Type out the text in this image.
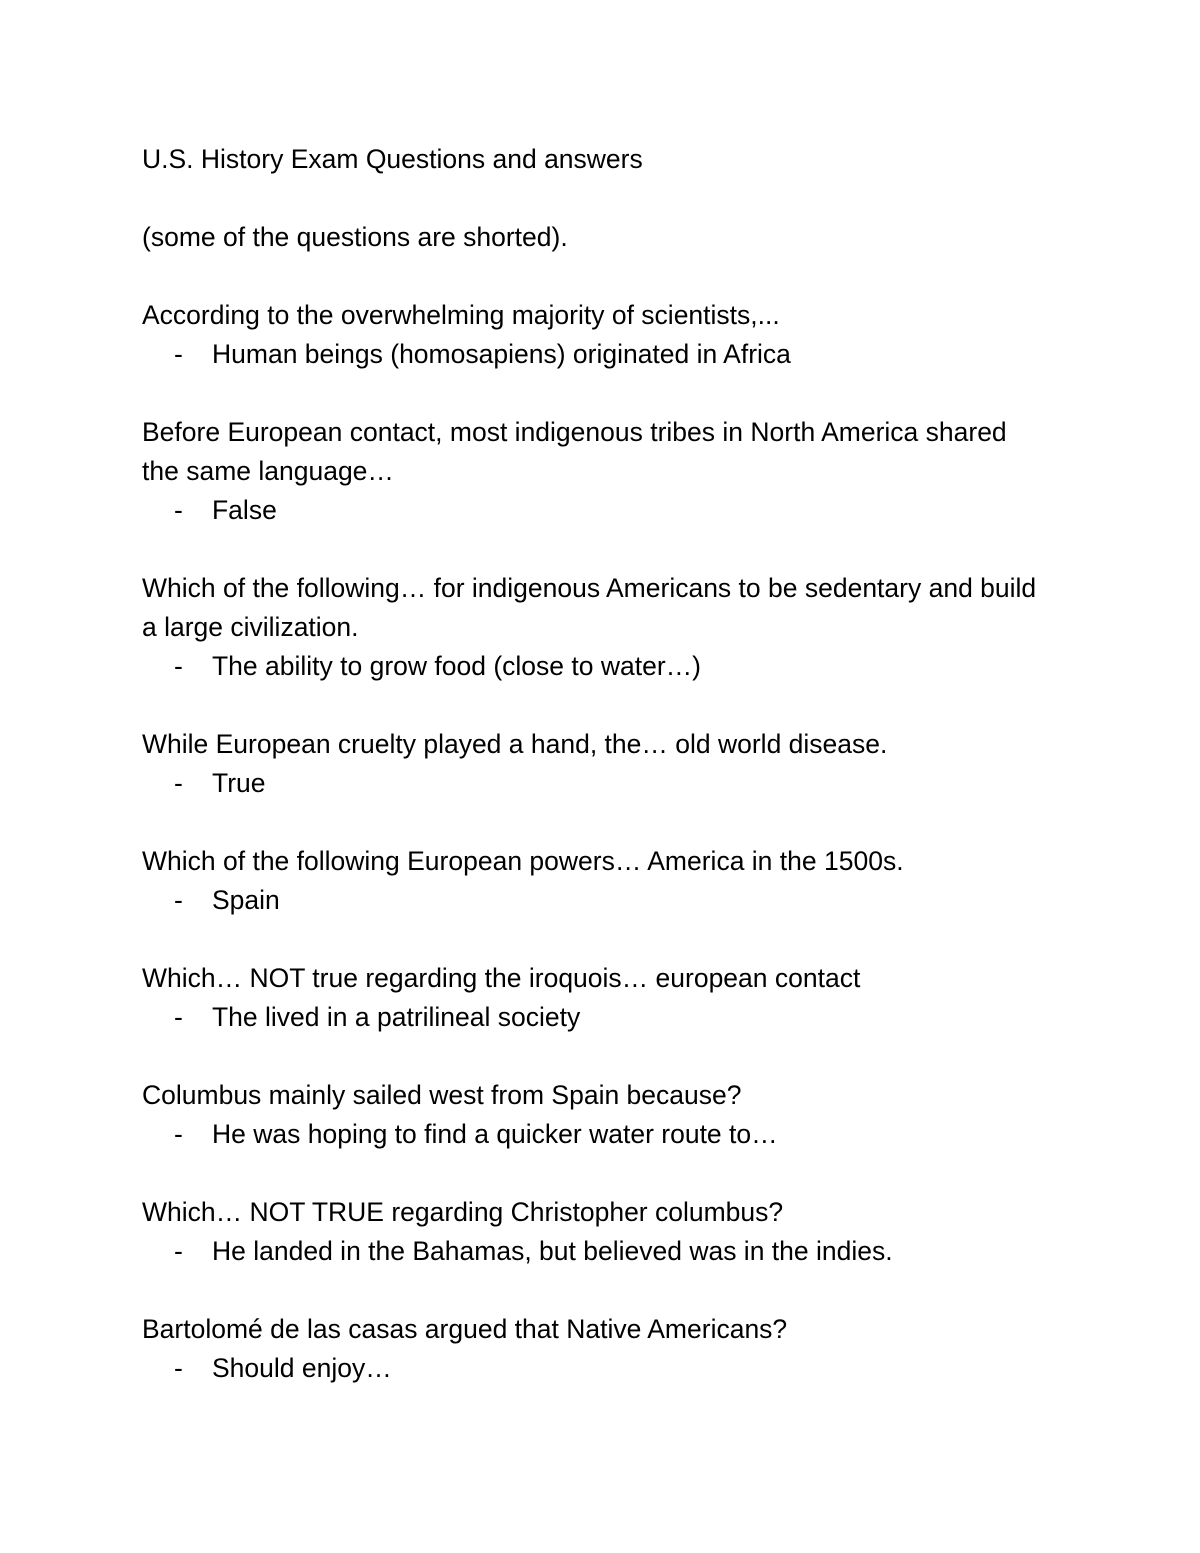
U.S. History Exam Questions and answers

(some of the questions are shorted).

According to the overwhelming majority of scientists,...

-	Human beings (homosapiens) originated in Africa

Before European contact, most indigenous tribes in North America shared the same language…

-	False

Which of the following… for indigenous Americans to be sedentary and build a large civilization.

-	The ability to grow food (close to water…)

While European cruelty played a hand, the… old world disease.

-	True

Which of the following European powers… America in the 1500s.

-	Spain

Which… NOT true regarding the iroquois… european contact

-	The lived in a patrilineal society

Columbus mainly sailed west from Spain because?

-	He was hoping to find a quicker water route to…

Which… NOT TRUE regarding Christopher columbus?

-	He landed in the Bahamas, but believed was in the indies.

Bartolomé de las casas argued that Native Americans?

-	Should enjoy…
